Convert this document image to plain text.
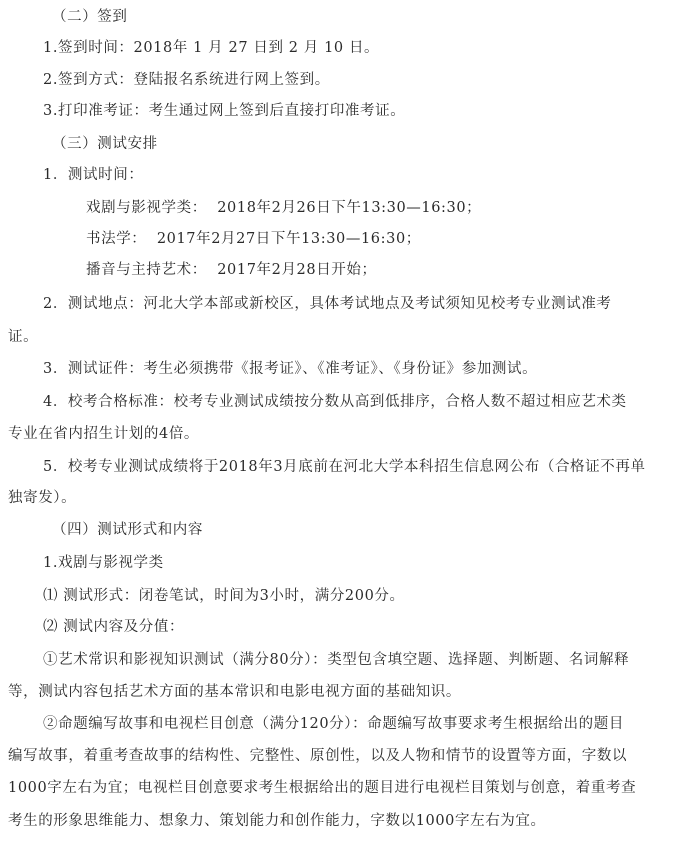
（二）签到
1.签到时间：2018年 1 月 27 日到 2 月 10 日。
2.签到方式：登陆报名系统进行网上签到。
3.打印准考证：考生通过网上签到后直接打印准考证。
（三）测试安排
1．测试时间：
戏剧与影视学类：  2018年2月26日下午13:30—16:30；
书法学：  2017年2月27日下午13:30—16:30；
播音与主持艺术：  2017年2月28日开始；
2．测试地点：河北大学本部或新校区，具体考试地点及考试须知见校考专业测试准考
证。
3．测试证件：考生必须携带《报考证》、《准考证》、《身份证》参加测试。
4．校考合格标准：校考专业测试成绩按分数从高到低排序，合格人数不超过相应艺术类
专业在省内招生计划的4倍。
5．校考专业测试成绩将于2018年3月底前在河北大学本科招生信息网公布（合格证不再单
独寄发）。
（四）测试形式和内容
1.戏剧与影视学类
⑴ 测试形式：闭卷笔试，时间为3小时，满分200分。
⑵ 测试内容及分值：
①艺术常识和影视知识测试（满分80分）：类型包含填空题、选择题、判断题、名词解释
等，测试内容包括艺术方面的基本常识和电影电视方面的基础知识。
②命题编写故事和电视栏目创意（满分120分）：命题编写故事要求考生根据给出的题目
编写故事，着重考查故事的结构性、完整性、原创性，以及人物和情节的设置等方面，字数以
1000字左右为宜；电视栏目创意要求考生根据给出的题目进行电视栏目策划与创意，着重考查
考生的形象思维能力、想象力、策划能力和创作能力，字数以1000字左右为宜。
